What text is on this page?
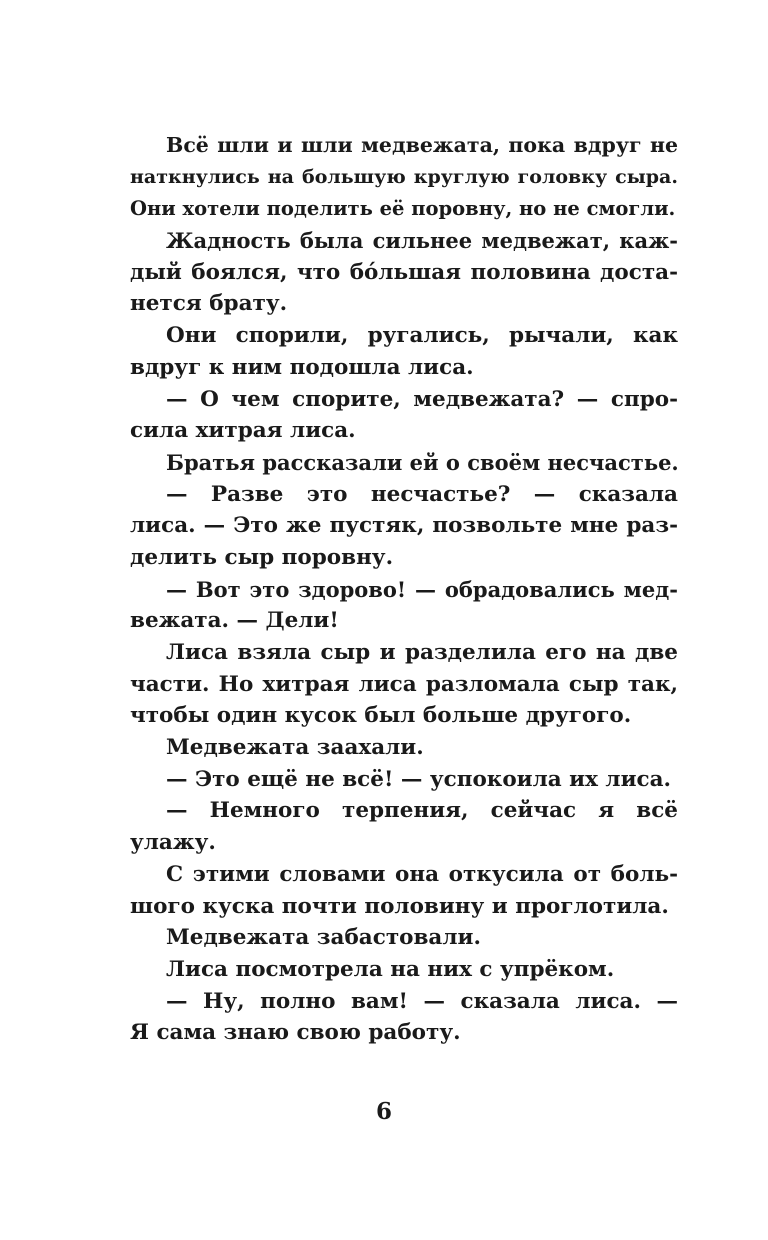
Всё шли и шли медвежата, пока вдруг не
наткнулись на большую круглую головку сыра.
Они хотели поделить её поровну, но не смогли.
Жадность была сильнее медвежат, каж-
дый боялся, что бóльшая половина доста-
нется брату.
Они спорили, ругались, рычали, как
вдруг к ним подошла лиса.
— О чем спорите, медвежата? — спро-
сила хитрая лиса.
Братья рассказали ей о своём несчастье.
— Разве это несчастье? — сказала
лиса. — Это же пустяк, позвольте мне раз-
делить сыр поровну.
— Вот это здорово! — обрадовались мед-
вежата. — Дели!
Лиса взяла сыр и разделила его на две
части. Но хитрая лиса разломала сыр так,
чтобы один кусок был больше другого.
Медвежата заахали.
— Это ещё не всё! — успокоила их лиса.
— Немного терпения, сейчас я всё
улажу.
С этими словами она откусила от боль-
шого куска почти половину и проглотила.
Медвежата забастовали.
Лиса посмотрела на них с упрёком.
— Ну, полно вам! — сказала лиса. —
Я сама знаю свою работу.
6
